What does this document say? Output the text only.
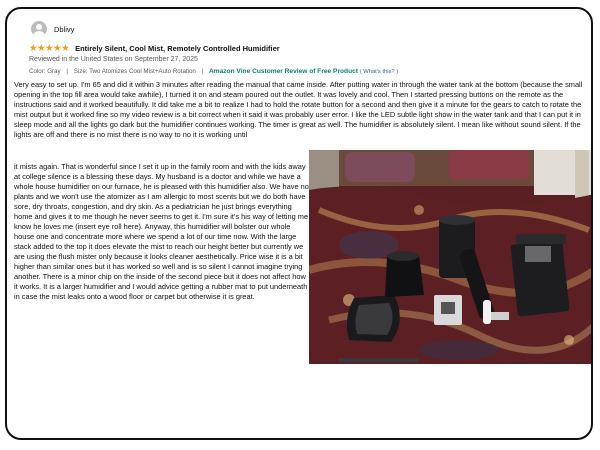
Dblivy
★★★★★ Entirely Silent, Cool Mist, Remotely Controlled Humidifier
Reviewed in the United States on September 27, 2025
Color: Gray | Size: Two Atomizes Cool Mist+Auto Rotation | Amazon Vine Customer Review of Free Product ( What's this? )
Very easy to set up. I'm 65 and did it within 3 minutes after reading the manual that came inside. After putting water in through the water tank at the bottom (because the small opening in the top fill area would take awhile), I turned it on and steam poured out the outlet. It was lovely and cool. Then I started pressing buttons on the remote as the instructions said and it worked beautifully. It did take me a bit to realize I had to hold the rotate button for a second and then give it a minute for the gears to catch to rotate the mist output but it worked fine so my video review is a bit correct when it said it was probably user error. I like the LED subtle light show in the water tank and that I can put it in sleep mode and all the lights go dark but the humidifier continues working. The timer is great as well. The humidifier is absolutely silent. I mean like without sound silent. If the lights are off and there is no mist there is no way to no it is working until
it mists again. That is wonderful since I set it up in the family room and with the kids away at college silence is a blessing these days. My husband is a doctor and while we have a whole house humidifier on our furnace, he is pleased with this humidifier also. We have no plants and we won't use the atomizer as I am allergic to most scents but we do both have sore, dry throats, congestion, and dry skin. As a pediatrician he just brings everything home and gives it to me though he never seems to get it. I'm sure it's his way of letting me know he loves me (insert eye roll here). Anyway, this humidifier will bolster our whole house one and concentrate more where we spend a lot of our time now. With the large stack added to the top it does elevate the mist to reach our height better but currently we are using the flush mister only because it looks cleaner aesthetically. Price wise it is a bit higher than similar ones but it has worked so well and is so silent I cannot imagine trying another. There is a minor chip on the inside of the second piece but it does not affect how it works. It is a larger humidifier and I would advice getting a rubber mat to put underneath in case the mist leaks onto a wood floor or carpet but otherwise it is great.
